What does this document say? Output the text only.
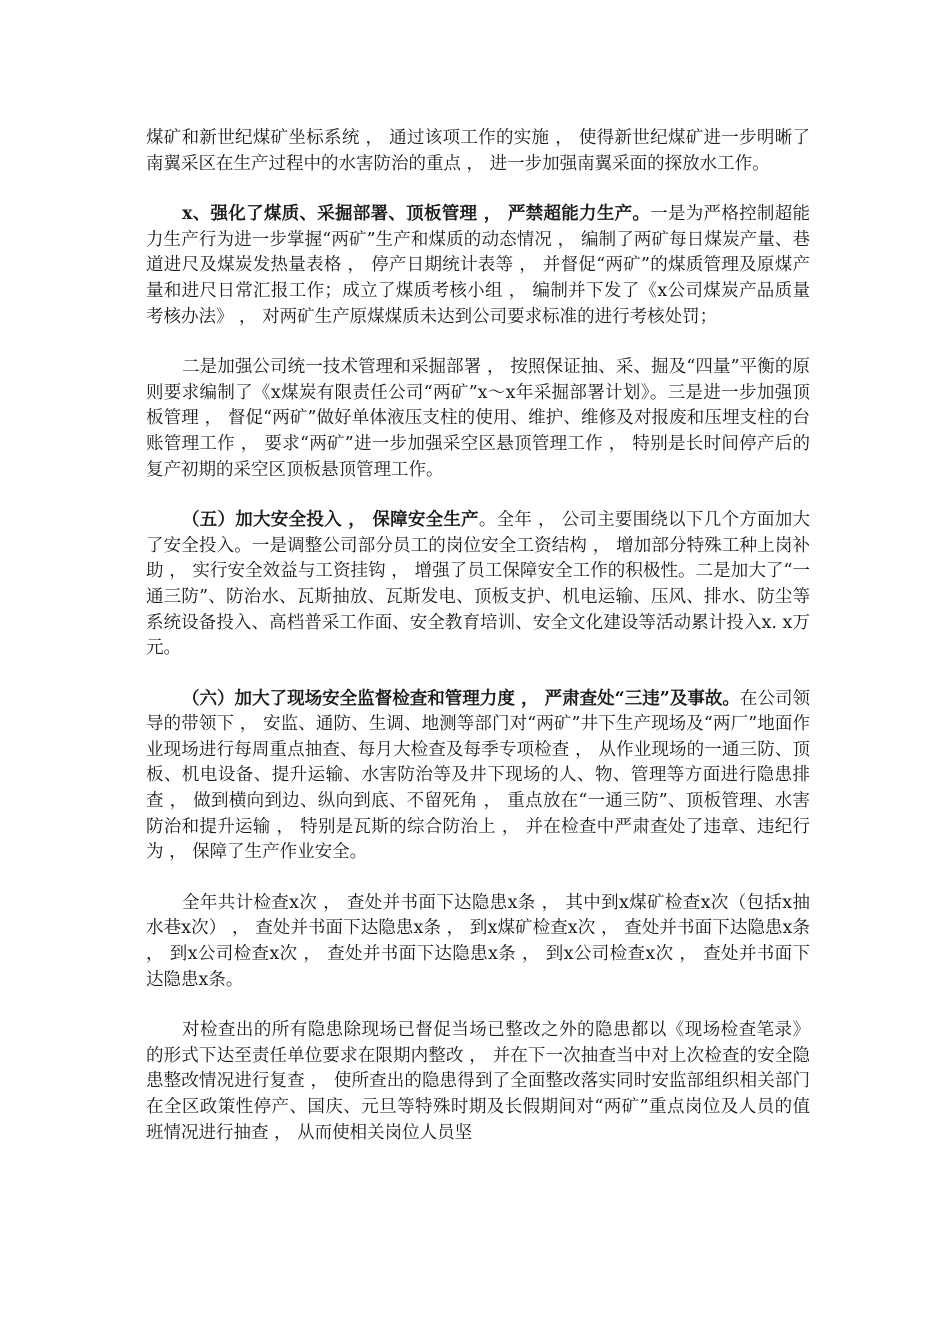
煤矿和新世纪煤矿坐标系统 ， 通过该项工作的实施 ， 使得新世纪煤矿进一步明晰了南翼采区在生产过程中的水害防治的重点 ， 进一步加强南翼采面的探放水工作。

x、强化了煤质、采掘部署、顶板管理 ， 严禁超能力生产。一是为严格控制超能力生产行为进一步掌握“两矿”生产和煤质的动态情况 ， 编制了两矿每日煤炭产量、巷道进尺及煤炭发热量表格 ， 停产日期统计表等 ， 并督促“两矿”的煤质管理及原煤产量和进尺日常汇报工作；成立了煤质考核小组 ， 编制并下发了《x公司煤炭产品质量考核办法》 ， 对两矿生产原煤煤质未达到公司要求标准的进行考核处罚；

二是加强公司统一技术管理和采掘部署 ， 按照保证抽、采、掘及“四量”平衡的原则要求编制了《x煤炭有限责任公司“两矿”x～x年采掘部署计划》。三是进一步加强顶板管理 ， 督促“两矿”做好单体液压支柱的使用、维护、维修及对报废和压埋支柱的台账管理工作 ， 要求“两矿”进一步加强采空区悬顶管理工作 ， 特别是长时间停产后的复产初期的采空区顶板悬顶管理工作。

（五）加大安全投入 ， 保障安全生产。全年 ， 公司主要围绕以下几个方面加大了安全投入。一是调整公司部分员工的岗位安全工资结构 ， 增加部分特殊工种上岗补助 ， 实行安全效益与工资挂钩 ， 增强了员工保障安全工作的积极性。二是加大了“一通三防”、防治水、瓦斯抽放、瓦斯发电、顶板支护、机电运输、压风、排水、防尘等系统设备投入、高档普采工作面、安全教育培训、安全文化建设等活动累计投入x. x万元。

（六）加大了现场安全监督检查和管理力度 ， 严肃查处“三违”及事故。在公司领导的带领下 ， 安监、通防、生调、地测等部门对“两矿”井下生产现场及“两厂”地面作业现场进行每周重点抽查、每月大检查及每季专项检查 ， 从作业现场的一通三防、顶板、机电设备、提升运输、水害防治等及井下现场的人、物、管理等方面进行隐患排查 ， 做到横向到边、纵向到底、不留死角 ， 重点放在“一通三防”、顶板管理、水害防治和提升运输 ， 特别是瓦斯的综合防治上 ， 并在检查中严肃查处了违章、违纪行为 ， 保障了生产作业安全。

全年共计检查x次 ， 查处并书面下达隐患x条 ， 其中到x煤矿检查x次（包括x抽水巷x次） ， 查处并书面下达隐患x条 ， 到x煤矿检查x次 ， 查处并书面下达隐患x条 ， 到x公司检查x次 ， 查处并书面下达隐患x条 ， 到x公司检查x次 ， 查处并书面下达隐患x条。

对检查出的所有隐患除现场已督促当场已整改之外的隐患都以《现场检查笔录》的形式下达至责任单位要求在限期内整改 ， 并在下一次抽查当中对上次检查的安全隐患整改情况进行复查 ， 使所查出的隐患得到了全面整改落实同时安监部组织相关部门在全区政策性停产、国庆、元旦等特殊时期及长假期间对“两矿”重点岗位及人员的值班情况进行抽查 ， 从而使相关岗位人员坚
